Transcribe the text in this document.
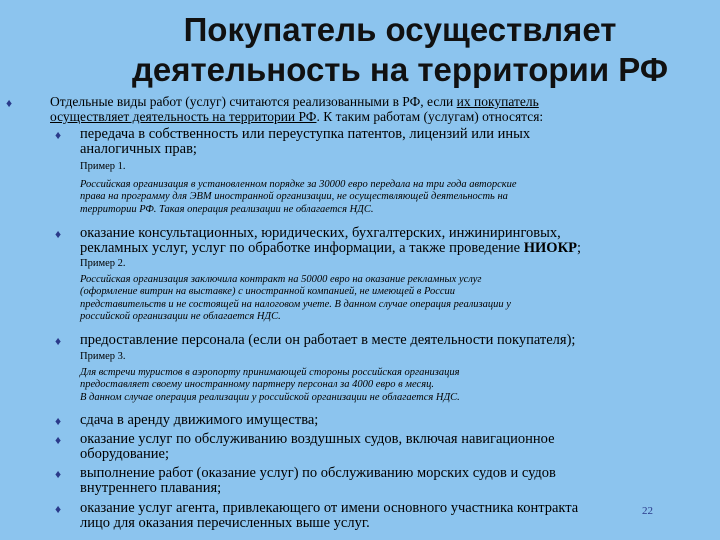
Покупатель осуществляет
деятельность на территории РФ
♦	Отдельные виды работ (услуг) считаются реализованными в РФ, если их покупатель
осуществляет деятельность на территории РФ. К таким работам (услугам) относятся:
♦ передача в собственность или переуступка патентов, лицензий или иных
аналогичных прав;
Пример 1.
Российская организация в установленном порядке за 30000 евро передала на три года авторские
права на программу для ЭВМ иностранной организации, не осуществляющей деятельность на
территории РФ. Такая операция реализации не облагается НДС.
♦ оказание консультационных, юридических, бухгалтерских, инжиниринговых,
рекламных услуг, услуг по обработке информации, а также проведение НИОКР;
Пример 2.
Российская организация заключила контракт на 50000 евро на оказание рекламных услуг
(оформление витрин на выставке) с иностранной компанией, не имеющей в России
представительств и не состоящей на налоговом учете. В данном случае операция реализации у
российской организации не облагается НДС.
♦ предоставление персонала (если он работает в месте деятельности покупателя);
Пример 3.
Для встречи туристов в аэропорту принимающей стороны российская организация
предоставляет своему иностранному партнеру персонал за 4000 евро в месяц.
В данном случае операция реализации у российской организации не облагается НДС.
♦ сдача в аренду движимого имущества;
♦ оказание услуг по обслуживанию воздушных судов, включая навигационное
оборудование;
♦ выполнение работ (оказание услуг) по обслуживанию морских судов и судов
внутреннего плавания;
♦ оказание услуг агента, привлекающего от имени основного участника контракта
лицо для оказания перечисленных выше услуг.
22
